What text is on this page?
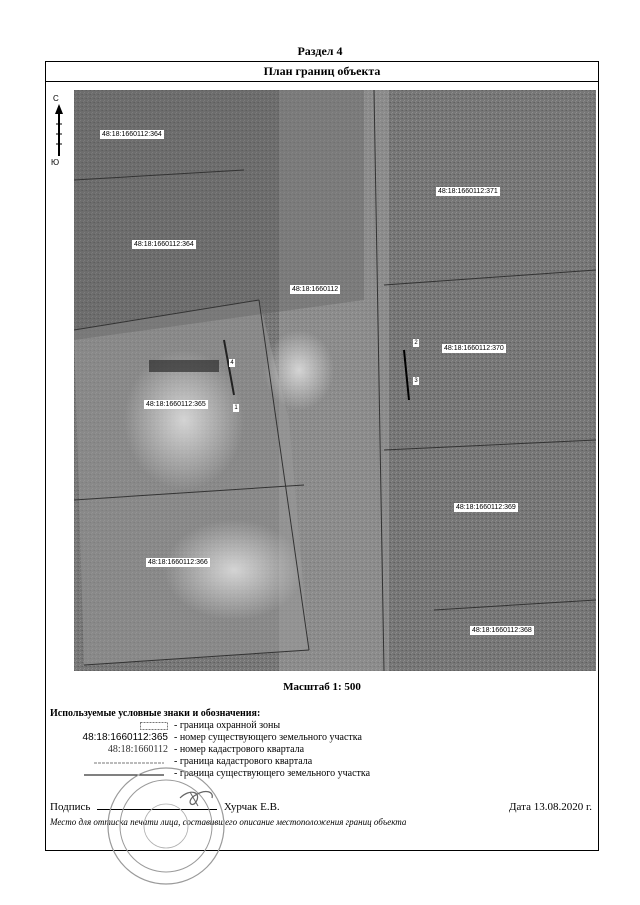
Раздел 4
План границ объекта
С
Ю
48:18:1660112:364
48:18:1660112:371
48:18:1660112:364
48:18:1660112
48:18:1660112:370
48:18:1660112:365
48:18:1660112:369
48:18:1660112:366
48:18:1660112:368
2
3
4
1
Масштаб 1: 500
Используемые условные знаки и обозначения:
- граница охранной зоны
48:18:1660112:365 - номер существующего земельного участка
48:18:1660112 - номер кадастрового квартала
- граница кадастрового квартала
- граница существующего земельного участка
Подпись	Хурчак Е.В.	Дата 13.08.2020 г.
Место для оттиска печати лица, составившего описание местоположения границ объекта
